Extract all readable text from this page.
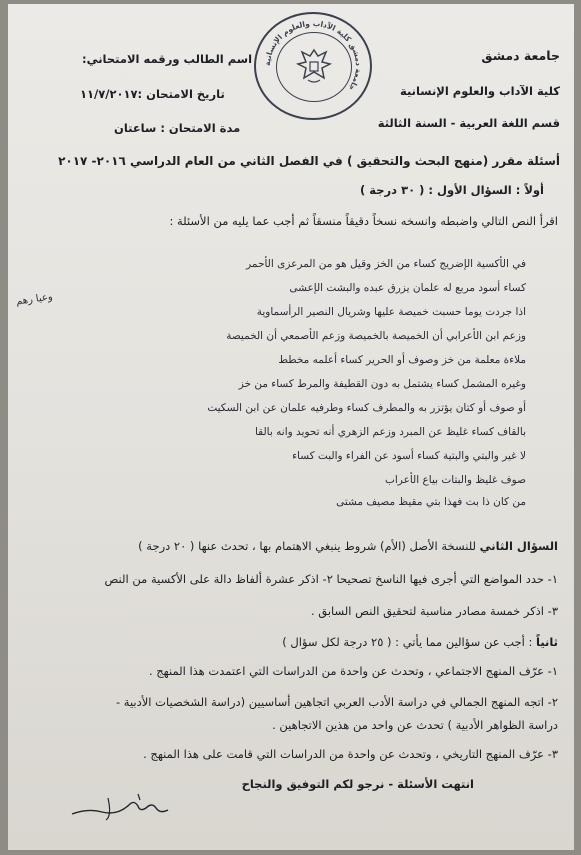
جامعة دمشق
كلية الآداب والعلوم الإنسانية
قسم اللغة العربية - السنة الثالثة
اسم الطالب ورقمه الامتحاني:
تاريخ الامتحان :١١/٧/٢٠١٧
مدة الامتحان : ساعتان
جامعة دمشق كلية الآداب والعلوم الإنسانية
أسئلة مقرر (منهج البحث والتحقيق ) في الفصل الثاني من العام الدراسي ٢٠١٦- ٢٠١٧
أولاً : السؤال الأول : ( ٣٠ درجة )
اقرأ النص التالي واضبطه وانسخه نسخاً دقيقاً منسقاً ثم أجب عما يليه من الأسئلة :
في الأكسية الإضريج كساء من الخز وقيل هو من المرعزى الأحمر
كساء أسود مربع له علمان يزرق عبده والبشت الإعشى
اذا جردت يوما حسبت خميصة عليها وشريال النصير الرأسماوية
وزعم ابن الأعرابي أن الخميصة بالخميصة وزعم الأصمعي أن الخميصة
ملاءة معلمة من خز وصوف أو الحرير كساء أعلمه مخطط
وغيره المشمل كساء يشتمل به دون القطيفة والمرط كساء من خز
أو صوف أو كتان يؤتزر به والمطرف كساء وطرفيه علمان عن ابن السكيت
بالقاف كساء غليظ عن المبرد وزعم الزهري أنه تحويد وانه بالقا
لا غير والبتي والبتية كساء أسود عن الفراء والبت كساء
صوف غليظ والبتات بياع الأعراب
من كان ذا بت فهذا بتي مقيظ مصيف مشتى
وعيا رهم
السؤال الثاني للنسخة الأصل (الأم) شروط ينبغي الاهتمام بها ، تحدث عنها ( ٢٠ درجة )
١- حدد المواضع التي أجرى فيها الناسخ تصحيحا ٢- اذكر عشرة ألفاظ دالة على الأكسية من النص
٣- اذكر خمسة مصادر مناسبة لتحقيق النص السابق .
ثانياً : أجب عن سؤالين مما يأتي : ( ٢٥ درجة لكل سؤال )
١- عرّف المنهج الاجتماعي ، وتحدث عن واحدة من الدراسات التي اعتمدت هذا المنهج .
٢- اتجه المنهج الجمالي في دراسة الأدب العربي اتجاهين أساسيين (دراسة الشخصيات الأدبية -
دراسة الظواهر الأدبية ) تحدث عن واحد من هذين الاتجاهين .
٣- عرّف المنهج التاريخي ، وتحدث عن واحدة من الدراسات التي قامت على هذا المنهج .
انتهت الأسئلة - نرجو لكم التوفيق والنجاح
